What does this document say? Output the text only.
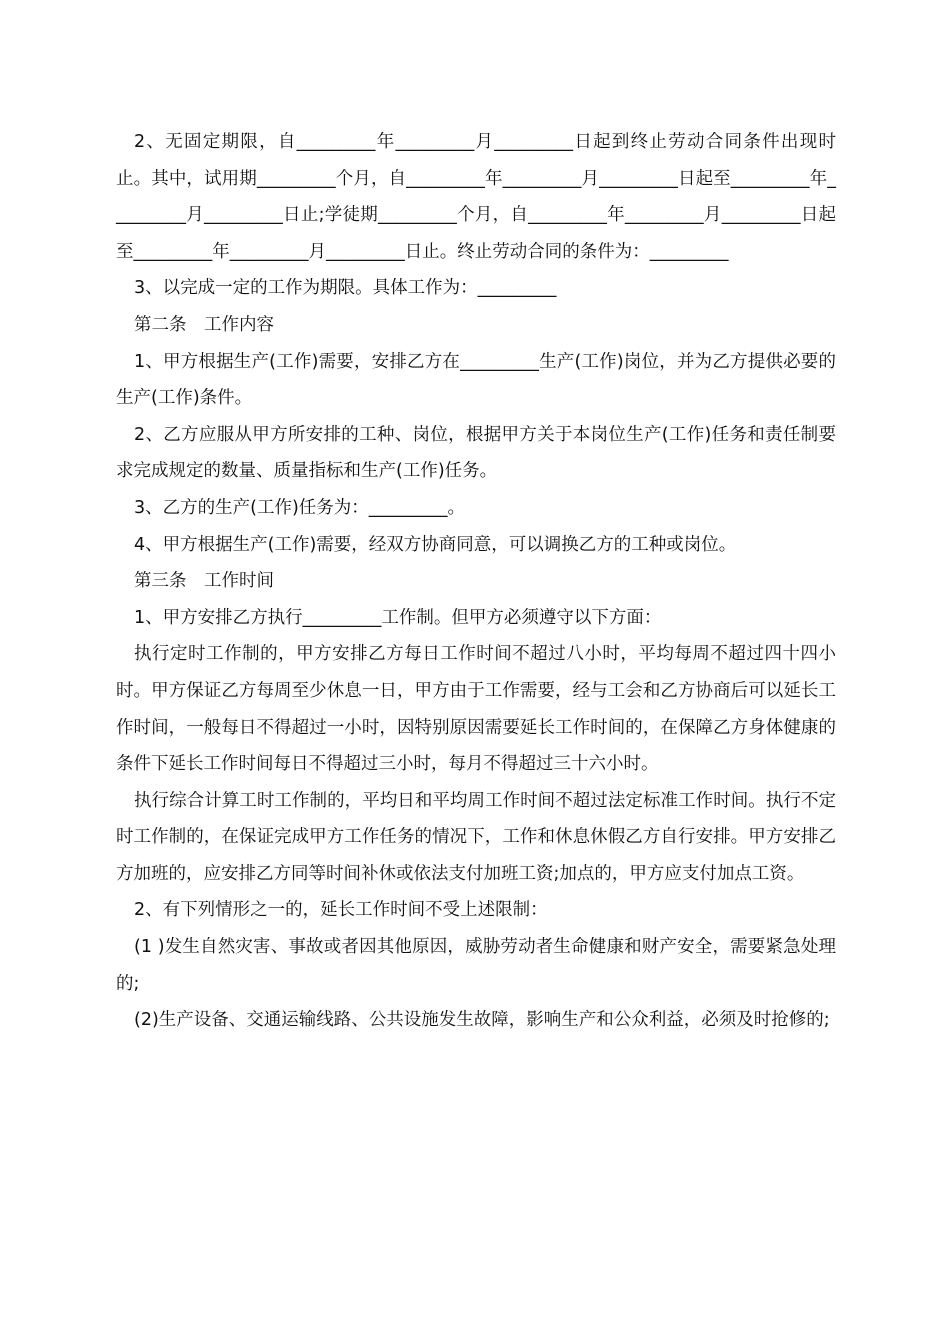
2、无固定期限，自_________年_________月_________日起到终止劳动合同条件出现时止。其中，试用期_________个月，自_________年_________月_________日起至_________年_________月_________日止;学徒期_________个月，自_________年_________月_________日起至_________年_________月_________日止。终止劳动合同的条件为：_________

3、以完成一定的工作为期限。具体工作为：_________

第二条　工作内容

1、甲方根据生产(工作)需要，安排乙方在_________生产(工作)岗位，并为乙方提供必要的生产(工作)条件。

2、乙方应服从甲方所安排的工种、岗位，根据甲方关于本岗位生产(工作)任务和责任制要求完成规定的数量、质量指标和生产(工作)任务。

3、乙方的生产(工作)任务为：_________。

4、甲方根据生产(工作)需要，经双方协商同意，可以调换乙方的工种或岗位。

第三条　工作时间

1、甲方安排乙方执行_________工作制。但甲方必须遵守以下方面：

执行定时工作制的，甲方安排乙方每日工作时间不超过八小时，平均每周不超过四十四小时。甲方保证乙方每周至少休息一日，甲方由于工作需要，经与工会和乙方协商后可以延长工作时间，一般每日不得超过一小时，因特别原因需要延长工作时间的，在保障乙方身体健康的条件下延长工作时间每日不得超过三小时，每月不得超过三十六小时。

执行综合计算工时工作制的，平均日和平均周工作时间不超过法定标准工作时间。执行不定时工作制的，在保证完成甲方工作任务的情况下，工作和休息休假乙方自行安排。甲方安排乙方加班的，应安排乙方同等时间补休或依法支付加班工资;加点的，甲方应支付加点工资。

2、有下列情形之一的，延长工作时间不受上述限制：

(1 )发生自然灾害、事故或者因其他原因，威胁劳动者生命健康和财产安全，需要紧急处理的;

(2)生产设备、交通运输线路、公共设施发生故障，影响生产和公众利益，必须及时抢修的;
